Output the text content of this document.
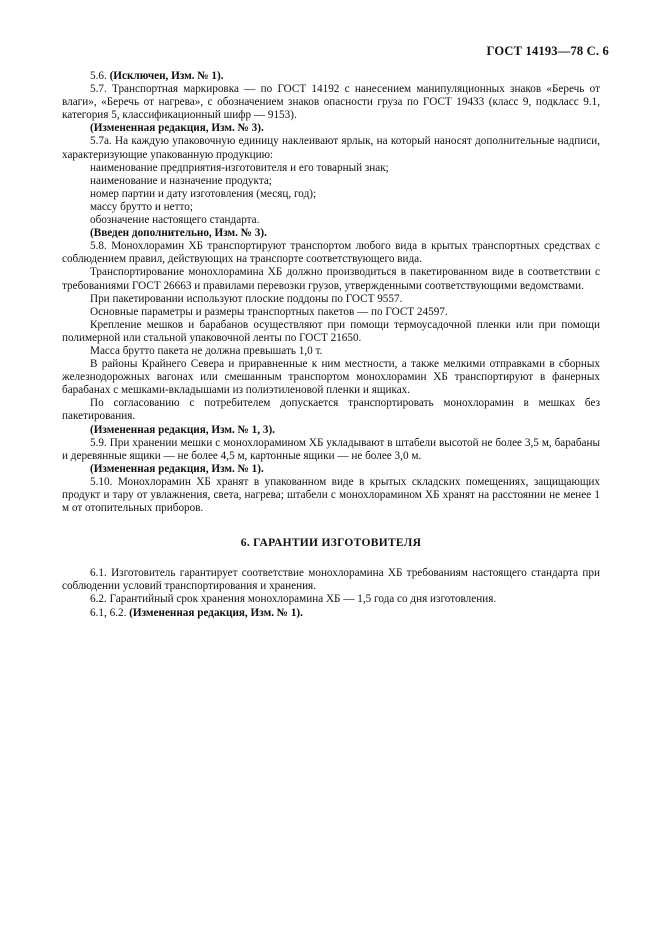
ГОСТ 14193—78 С. 6

5.6. (Исключен, Изм. № 1).

5.7. Транспортная маркировка — по ГОСТ 14192 с нанесением манипуляционных знаков «Беречь от влаги», «Беречь от нагрева», с обозначением знаков опасности груза по ГОСТ 19433 (класс 9, подкласс 9.1, категория 5, классификационный шифр — 9153).

(Измененная редакция, Изм. № 3).

5.7а. На каждую упаковочную единицу наклеивают ярлык, на который наносят дополнительные надписи, характеризующие упакованную продукцию:

наименование предприятия-изготовителя и его товарный знак;

наименование и назначение продукта;

номер партии и дату изготовления (месяц, год);

массу брутто и нетто;

обозначение настоящего стандарта.

(Введен дополнительно, Изм. № 3).

5.8. Монохлорамин ХБ транспортируют транспортом любого вида в крытых транспортных средствах с соблюдением правил, действующих на транспорте соответствующего вида.

Транспортирование монохлорамина ХБ должно производиться в пакетированном виде в соответствии с требованиями ГОСТ 26663 и правилами перевозки грузов, утвержденными соответствующими ведомствами.

При пакетировании используют плоские поддоны по ГОСТ 9557.

Основные параметры и размеры транспортных пакетов — по ГОСТ 24597.

Крепление мешков и барабанов осуществляют при помощи термоусадочной пленки или при помощи полимерной или стальной упаковочной ленты по ГОСТ 21650.

Масса брутто пакета не должна превышать 1,0 т.

В районы Крайнего Севера и приравненные к ним местности, а также мелкими отправками в сборных железнодорожных вагонах или смешанным транспортом монохлорамин ХБ транспортируют в фанерных барабанах с мешками-вкладышами из полиэтиленовой пленки и ящиках.

По согласованию с потребителем допускается транспортировать монохлорамин в мешках без пакетирования.

(Измененная редакция, Изм. № 1, 3).

5.9. При хранении мешки с монохлорамином ХБ укладывают в штабели высотой не более 3,5 м, барабаны и деревянные ящики — не более 4,5 м, картонные ящики — не более 3,0 м.

(Измененная редакция, Изм. № 1).

5.10. Монохлорамин ХБ хранят в упакованном виде в крытых складских помещениях, защищающих продукт и тару от увлажнения, света, нагрева; штабели с монохлорамином ХБ хранят на расстоянии не менее 1 м от отопительных приборов.

6. ГАРАНТИИ ИЗГОТОВИТЕЛЯ

6.1. Изготовитель гарантирует соответствие монохлорамина ХБ требованиям настоящего стандарта при соблюдении условий транспортирования и хранения.

6.2. Гарантийный срок хранения монохлорамина ХБ — 1,5 года со дня изготовления.

6.1, 6.2. (Измененная редакция, Изм. № 1).
